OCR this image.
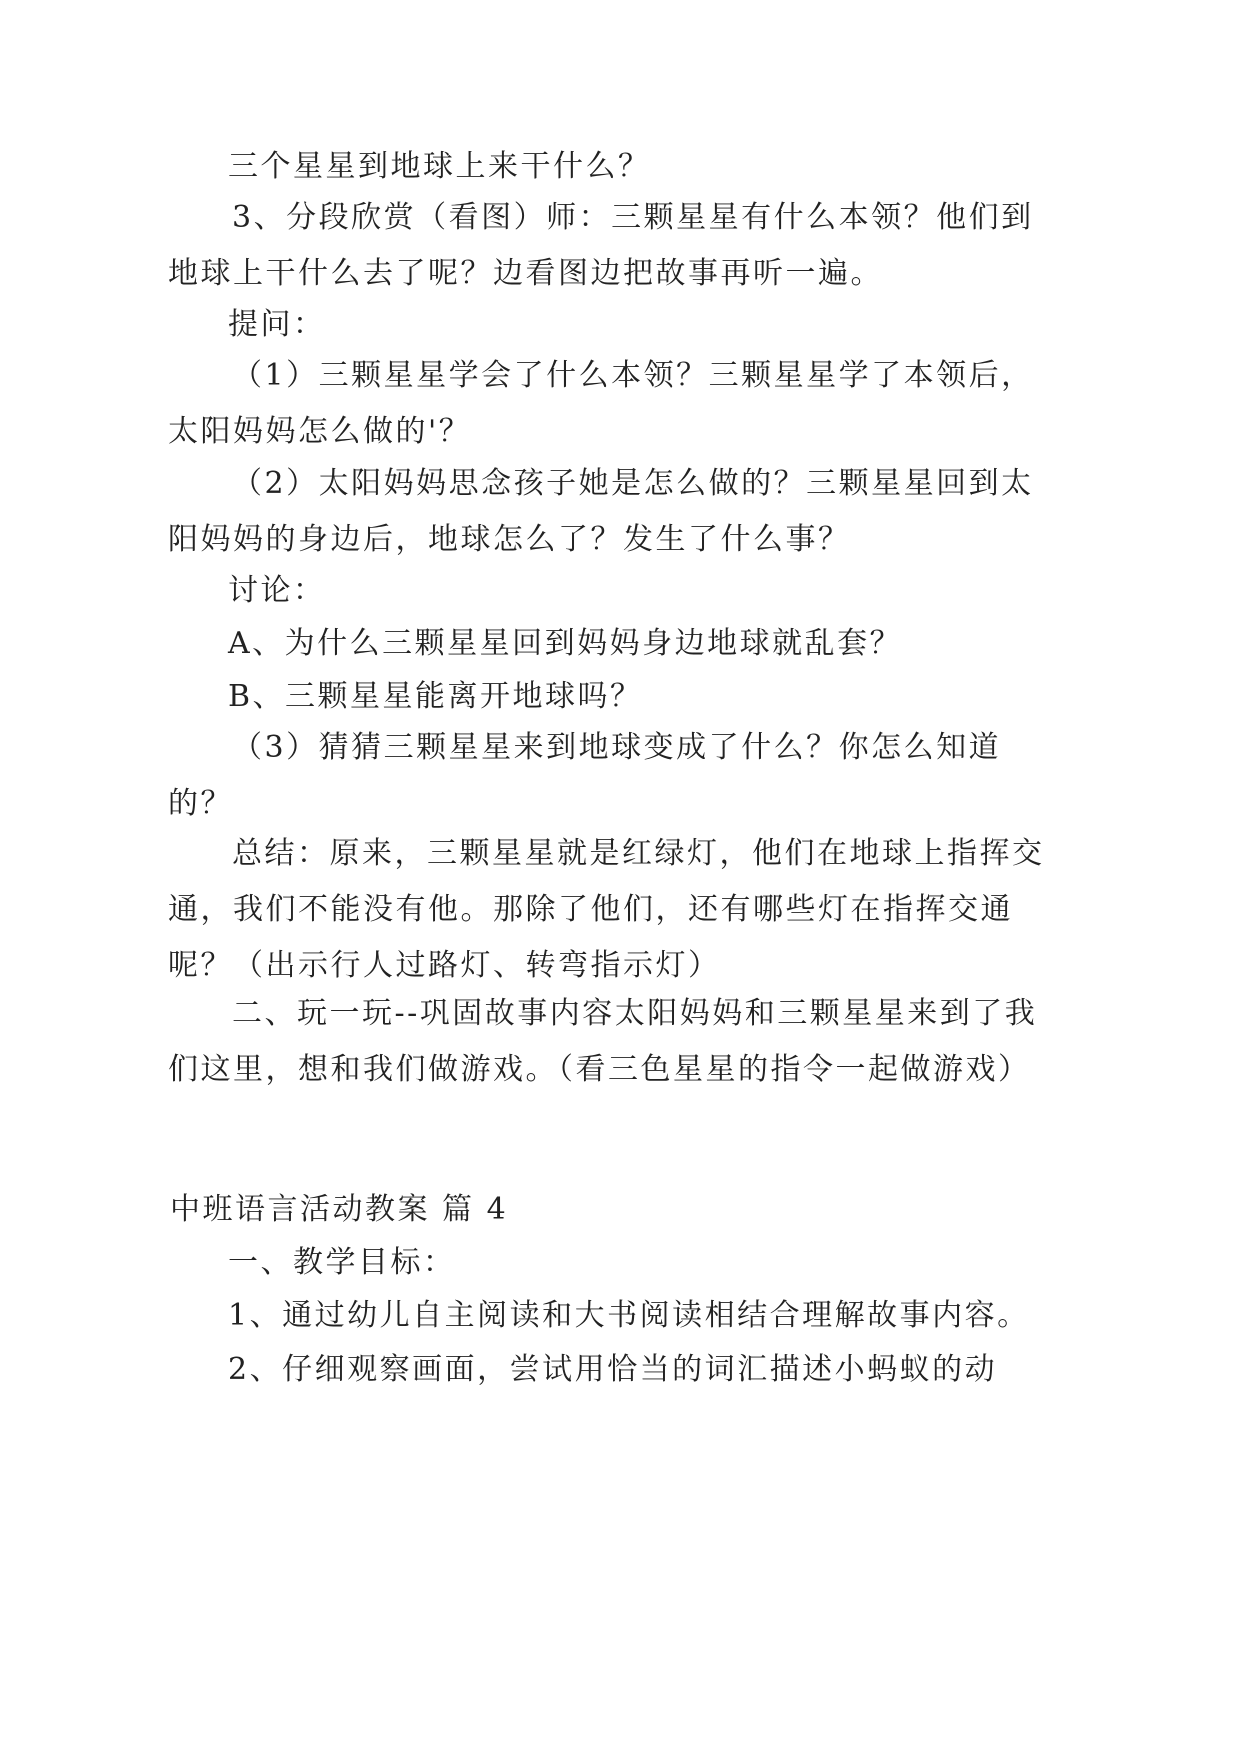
三个星星到地球上来干什么？
3、分段欣赏（看图）师：三颗星星有什么本领？他们到地球上干什么去了呢？边看图边把故事再听一遍。
提问：
（1）三颗星星学会了什么本领？三颗星星学了本领后，太阳妈妈怎么做的'？
（2）太阳妈妈思念孩子她是怎么做的？三颗星星回到太阳妈妈的身边后，地球怎么了？发生了什么事？
讨论：
A、为什么三颗星星回到妈妈身边地球就乱套？
B、三颗星星能离开地球吗？
（3）猜猜三颗星星来到地球变成了什么？你怎么知道的？
总结：原来，三颗星星就是红绿灯，他们在地球上指挥交通，我们不能没有他。那除了他们，还有哪些灯在指挥交通呢？（出示行人过路灯、转弯指示灯）
二、玩一玩--巩固故事内容太阳妈妈和三颗星星来到了我们这里，想和我们做游戏。（看三色星星的指令一起做游戏）
中班语言活动教案 篇 4
一、教学目标：
1、通过幼儿自主阅读和大书阅读相结合理解故事内容。
2、仔细观察画面，尝试用恰当的词汇描述小蚂蚁的动
